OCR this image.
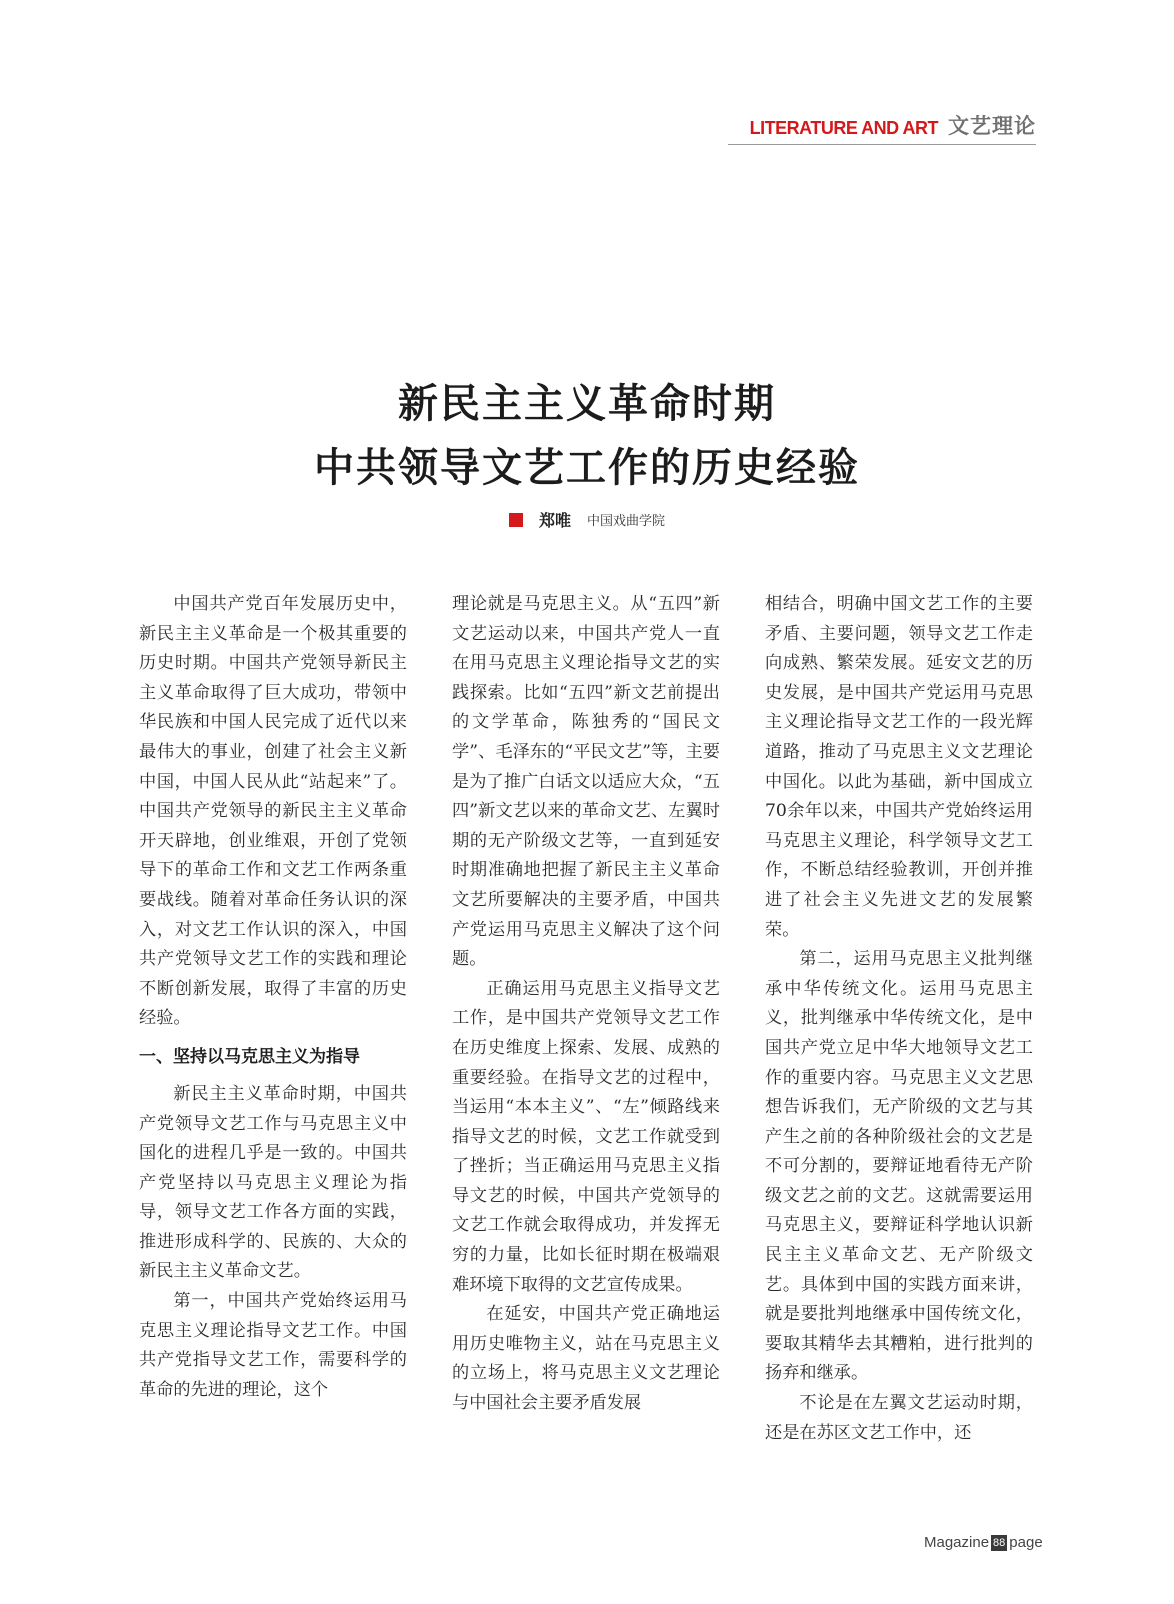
LITERATURE AND ART 文艺理论
新民主主义革命时期
中共领导文艺工作的历史经验
郑唯 中国戏曲学院

中国共产党百年发展历史中，新民主主义革命是一个极其重要的历史时期。中国共产党领导新民主主义革命取得了巨大成功，带领中华民族和中国人民完成了近代以来最伟大的事业，创建了社会主义新中国，中国人民从此“站起来”了。中国共产党领导的新民主主义革命开天辟地，创业维艰，开创了党领导下的革命工作和文艺工作两条重要战线。随着对革命任务认识的深入，对文艺工作认识的深入，中国共产党领导文艺工作的实践和理论不断创新发展，取得了丰富的历史经验。

一、坚持以马克思主义为指导

新民主主义革命时期，中国共产党领导文艺工作与马克思主义中国化的进程几乎是一致的。中国共产党坚持以马克思主义理论为指导，领导文艺工作各方面的实践，推进形成科学的、民族的、大众的新民主主义革命文艺。

第一，中国共产党始终运用马克思主义理论指导文艺工作。中国共产党指导文艺工作，需要科学的革命的先进的理论，这个

理论就是马克思主义。从“五四”新文艺运动以来，中国共产党人一直在用马克思主义理论指导文艺的实践探索。比如“五四”新文艺前提出的文学革命，陈独秀的“国民文学”、毛泽东的“平民文艺”等，主要是为了推广白话文以适应大众，“五四”新文艺以来的革命文艺、左翼时期的无产阶级文艺等，一直到延安时期准确地把握了新民主主义革命文艺所要解决的主要矛盾，中国共产党运用马克思主义解决了这个问题。

正确运用马克思主义指导文艺工作，是中国共产党领导文艺工作在历史维度上探索、发展、成熟的重要经验。在指导文艺的过程中，当运用“本本主义”、“左”倾路线来指导文艺的时候，文艺工作就受到了挫折；当正确运用马克思主义指导文艺的时候，中国共产党领导的文艺工作就会取得成功，并发挥无穷的力量，比如长征时期在极端艰难环境下取得的文艺宣传成果。

在延安，中国共产党正确地运用历史唯物主义，站在马克思主义的立场上，将马克思主义文艺理论与中国社会主要矛盾发展

相结合，明确中国文艺工作的主要矛盾、主要问题，领导文艺工作走向成熟、繁荣发展。延安文艺的历史发展，是中国共产党运用马克思主义理论指导文艺工作的一段光辉道路，推动了马克思主义文艺理论中国化。以此为基础，新中国成立70余年以来，中国共产党始终运用马克思主义理论，科学领导文艺工作，不断总结经验教训，开创并推进了社会主义先进文艺的发展繁荣。

第二，运用马克思主义批判继承中华传统文化。运用马克思主义，批判继承中华传统文化，是中国共产党立足中华大地领导文艺工作的重要内容。马克思主义文艺思想告诉我们，无产阶级的文艺与其产生之前的各种阶级社会的文艺是不可分割的，要辩证地看待无产阶级文艺之前的文艺。这就需要运用马克思主义，要辩证科学地认识新民主主义革命文艺、无产阶级文艺。具体到中国的实践方面来讲，就是要批判地继承中国传统文化，要取其精华去其糟粕，进行批判的扬弃和继承。

不论是在左翼文艺运动时期，还是在苏区文艺工作中，还

Magazine 88 page
